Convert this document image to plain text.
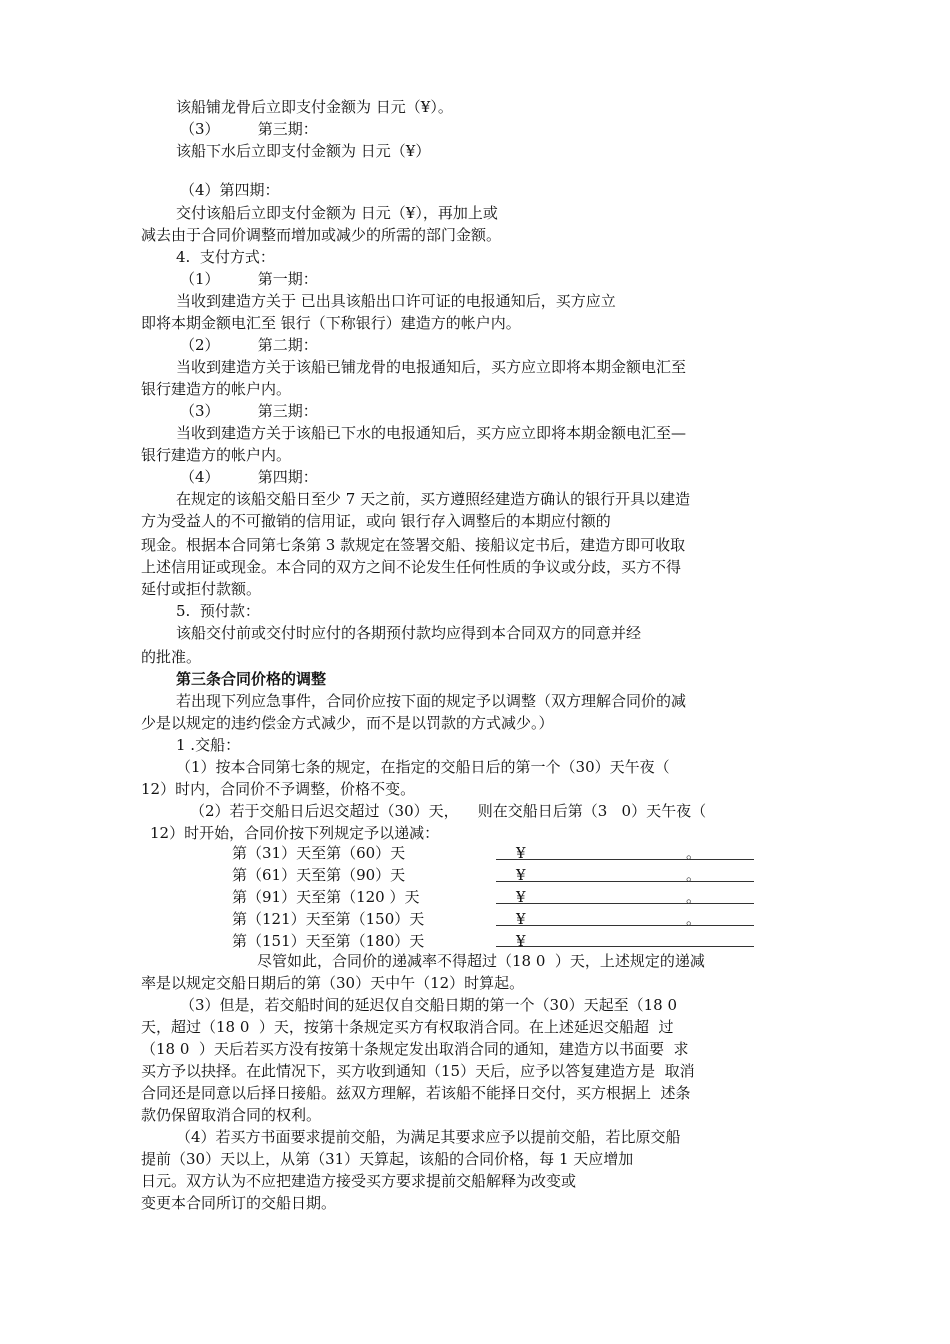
该船铺龙骨后立即支付金额为 日元（¥）。
（3）        第三期：
该船下水后立即支付金额为 日元（¥）
（4）第四期：
交付该船后立即支付金额为 日元（¥），再加上或
减去由于合同价调整而增加或减少的所需的部门金额。
4.  支付方式：
（1）        第一期：
当收到建造方关于 已出具该船出口许可证的电报通知后，买方应立
即将本期金额电汇至 银行（下称银行）建造方的帐户内。
（2）        第二期：
当收到建造方关于该船已铺龙骨的电报通知后，买方应立即将本期金额电汇至
银行建造方的帐户内。
（3）        第三期：
当收到建造方关于该船已下水的电报通知后，买方应立即将本期金额电汇至—
银行建造方的帐户内。
（4）        第四期：
在规定的该船交船日至少 7 天之前，买方遵照经建造方确认的银行开具以建造
方为受益人的不可撤销的信用证，或向 银行存入调整后的本期应付额的
现金。根据本合同第七条第 3 款规定在签署交船、接船议定书后，建造方即可收取
上述信用证或现金。本合同的双方之间不论发生任何性质的争议或分歧，买方不得
延付或拒付款额。
5.  预付款：
该船交付前或交付时应付的各期预付款均应得到本合同双方的同意并经
的批准。
第三条合同价格的调整
若出现下列应急事件，合同价应按下面的规定予以调整（双方理解合同价的减
少是以规定的违约偿金方式减少，而不是以罚款的方式减少。）
1 .交船：
（1）按本合同第七条的规定，在指定的交船日后的第一个（30）天午夜（
12）时内，合同价不予调整，价格不变。
（2）若于交船日后迟交超过（30）天，    则在交船日后第（3   0）天午夜（
12）时开始，合同价按下列规定予以递减：
第（31）天至第（60）天	¥	。
第（61）天至第（90）天	¥	。
第（91）天至第（120 ）天	¥	。
第（121）天至第（150）天	¥	。
第（151）天至第（180）天	¥
尽管如此，合同价的递减率不得超过（18 0  ）天，上述规定的递减
率是以规定交船日期后的第（30）天中午（12）时算起。
（3）但是，若交船时间的延迟仅自交船日期的第一个（30）天起至（18 0
天，超过（18 0  ）天，按第十条规定买方有权取消合同。在上述延迟交船超  过
（18 0  ）天后若买方没有按第十条规定发出取消合同的通知，建造方以书面要  求
买方予以抉择。在此情况下，买方收到通知（15）天后，应予以答复建造方是  取消
合同还是同意以后择日接船。兹双方理解，若该船不能择日交付，买方根据上  述条
款仍保留取消合同的权利。
（4）若买方书面要求提前交船，为满足其要求应予以提前交船，若比原交船
提前（30）天以上，从第（31）天算起，该船的合同价格，每 1 天应增加
日元。双方认为不应把建造方接受买方要求提前交船解释为改变或
变更本合同所订的交船日期。
